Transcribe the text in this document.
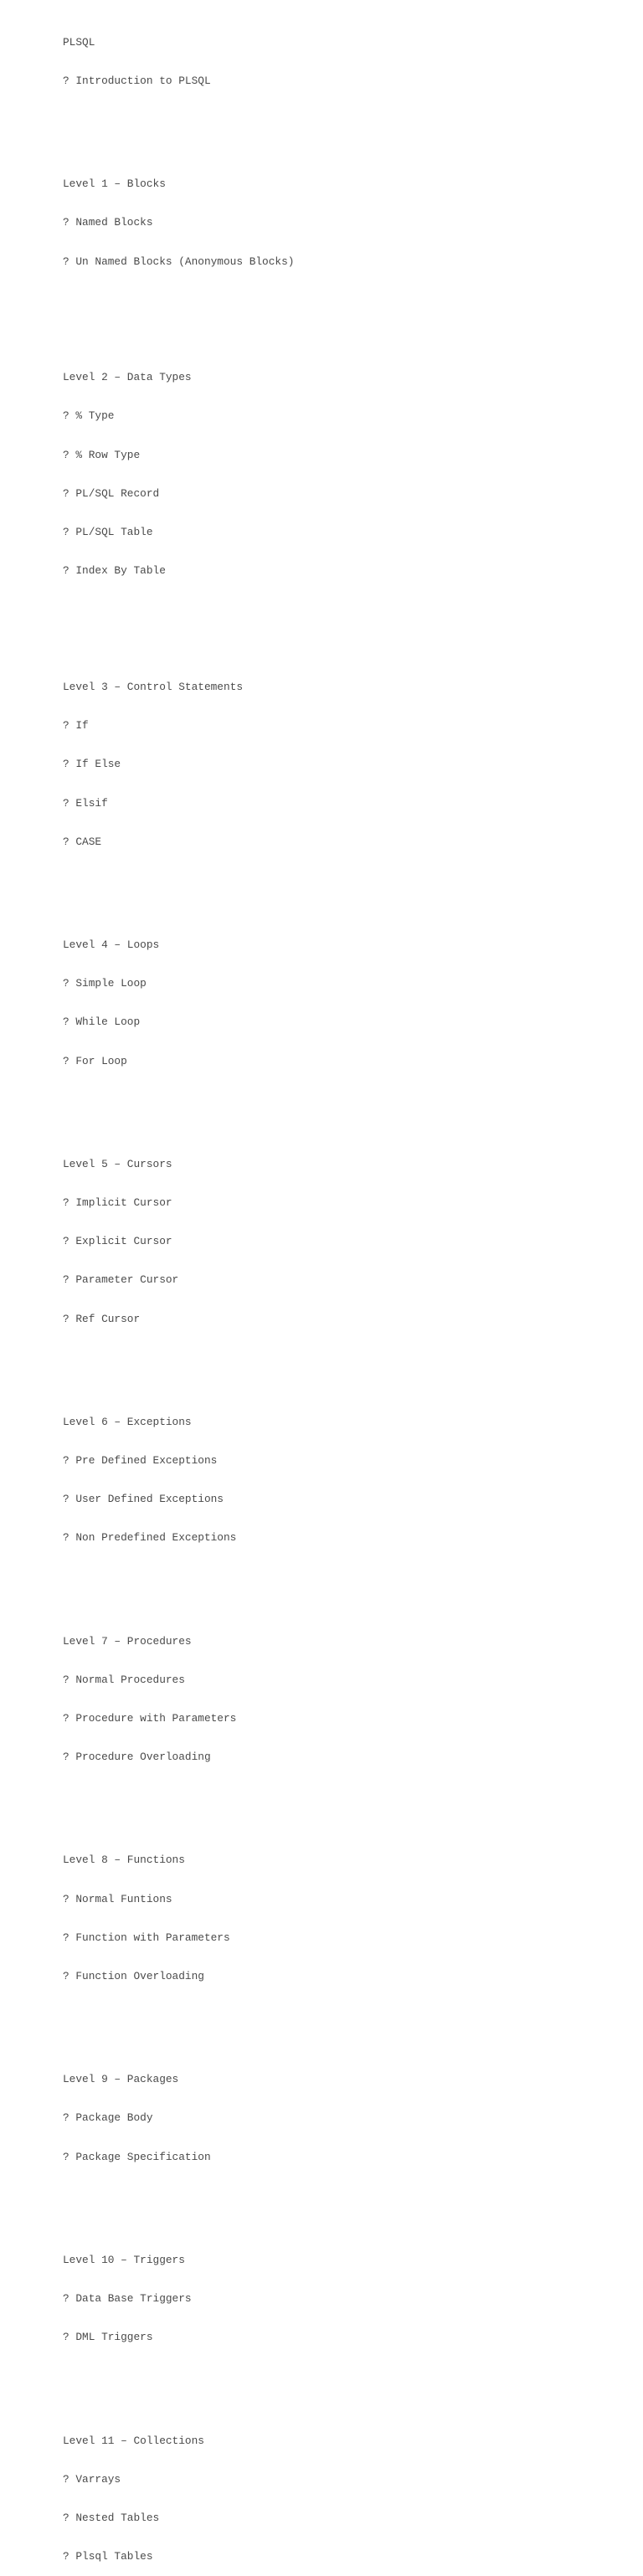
PLSQL

? Introduction to PLSQL

Level 1 – Blocks

? Named Blocks

? Un Named Blocks (Anonymous Blocks)

Level 2 – Data Types

? % Type

? % Row Type

? PL/SQL Record

? PL/SQL Table

? Index By Table

Level 3 – Control Statements

? If

? If Else

? Elsif

? CASE

Level 4 – Loops

? Simple Loop

? While Loop

? For Loop

Level 5 – Cursors

? Implicit Cursor

? Explicit Cursor

? Parameter Cursor

? Ref Cursor

Level 6 – Exceptions

? Pre Defined Exceptions

? User Defined Exceptions

? Non Predefined Exceptions

Level 7 – Procedures

? Normal Procedures

? Procedure with Parameters

? Procedure Overloading

Level 8 – Functions

? Normal Funtions

? Function with Parameters

? Function Overloading

Level 9 – Packages

? Package Body

? Package Specification

Level 10 – Triggers

? Data Base Triggers

? DML Triggers

Level 11 – Collections

? Varrays

? Nested Tables

? Plsql Tables
